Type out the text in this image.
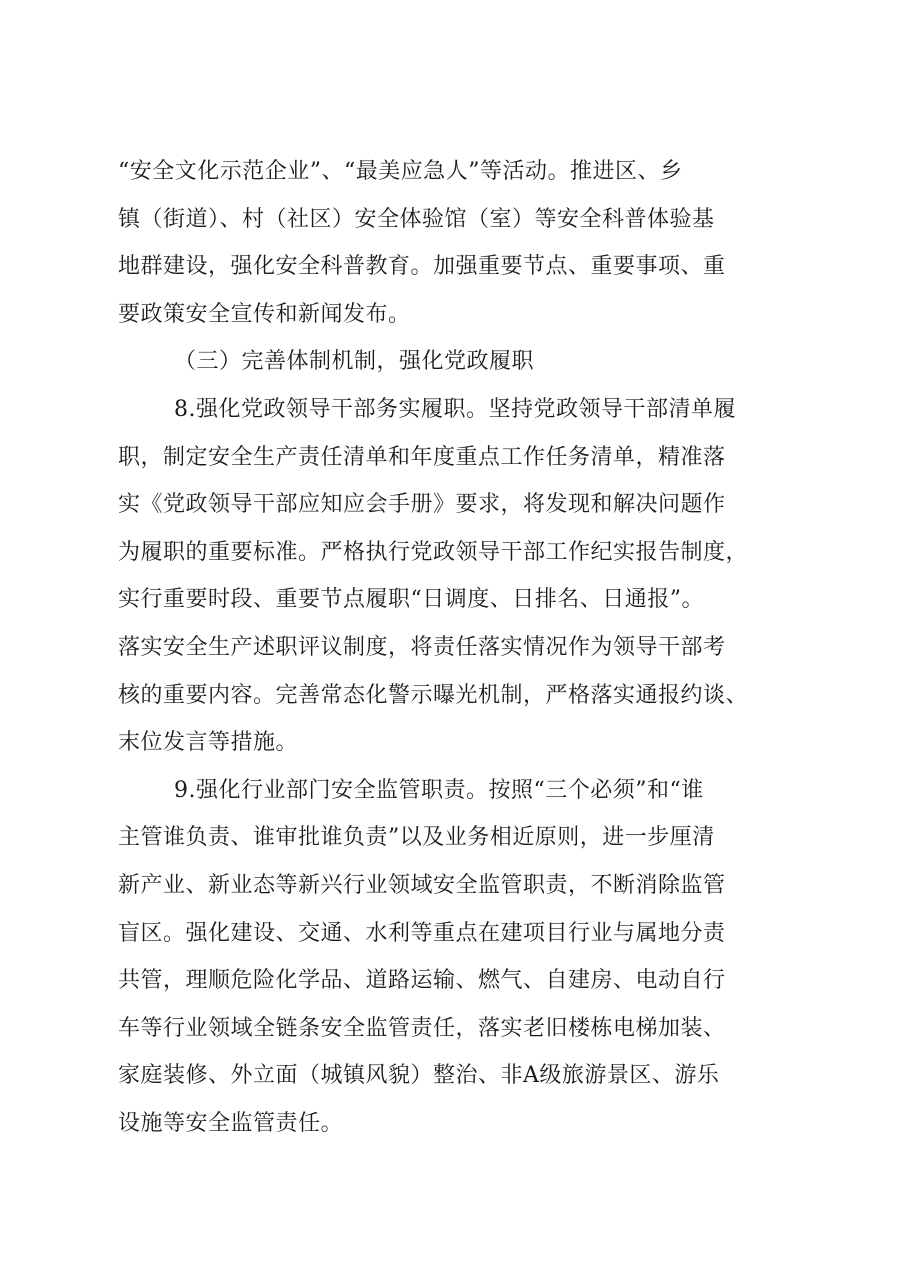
“安全文化示范企业”、“最美应急人”等活动。推进区、乡
镇（街道）、村（社区）安全体验馆（室）等安全科普体验基
地群建设，强化安全科普教育。加强重要节点、重要事项、重
要政策安全宣传和新闻发布。
（三）完善体制机制，强化党政履职
8.强化党政领导干部务实履职。坚持党政领导干部清单履
职，制定安全生产责任清单和年度重点工作任务清单，精准落
实《党政领导干部应知应会手册》要求，将发现和解决问题作
为履职的重要标准。严格执行党政领导干部工作纪实报告制度，
实行重要时段、重要节点履职“日调度、日排名、日通报”。
落实安全生产述职评议制度，将责任落实情况作为领导干部考
核的重要内容。完善常态化警示曝光机制，严格落实通报约谈、
末位发言等措施。
9.强化行业部门安全监管职责。按照“三个必须”和“谁
主管谁负责、谁审批谁负责”以及业务相近原则，进一步厘清
新产业、新业态等新兴行业领域安全监管职责，不断消除监管
盲区。强化建设、交通、水利等重点在建项目行业与属地分责
共管，理顺危险化学品、道路运输、燃气、自建房、电动自行
车等行业领域全链条安全监管责任，落实老旧楼栋电梯加装、
家庭装修、外立面（城镇风貌）整治、非A级旅游景区、游乐
设施等安全监管责任。
